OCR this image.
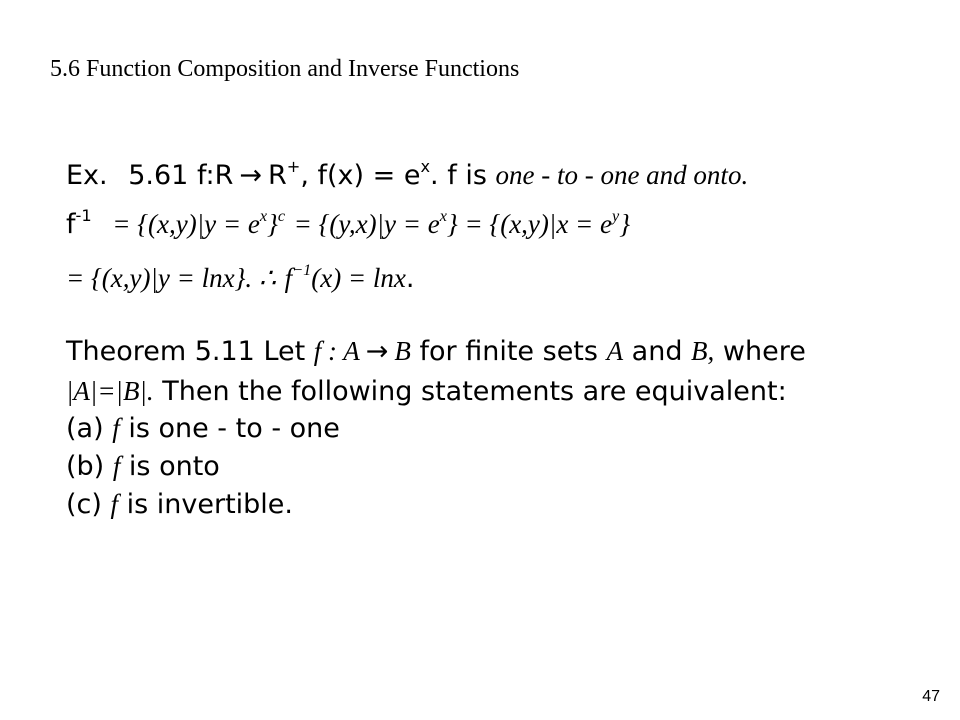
5.6 Function Composition and Inverse Functions
Ex. 5.61 f:R → R+, $f(x) = e^x$. f is one - to - one and onto.
$f^{-1} = \{(x,y)|y = e^x\}^c = \{(y,x)|y = e^x\} = \{(x,y)|x = e^y\}$
= {(x,y)|y = lnx}. ∴ $f^{-1}(x) = \ln x$.
Theorem 5.11 Let f : A → B for finite sets A and B, where
|A|=|B|. Then the following statements are equivalent:
(a) f is one - to - one
(b) f is onto
(c) f is invertible.
47
